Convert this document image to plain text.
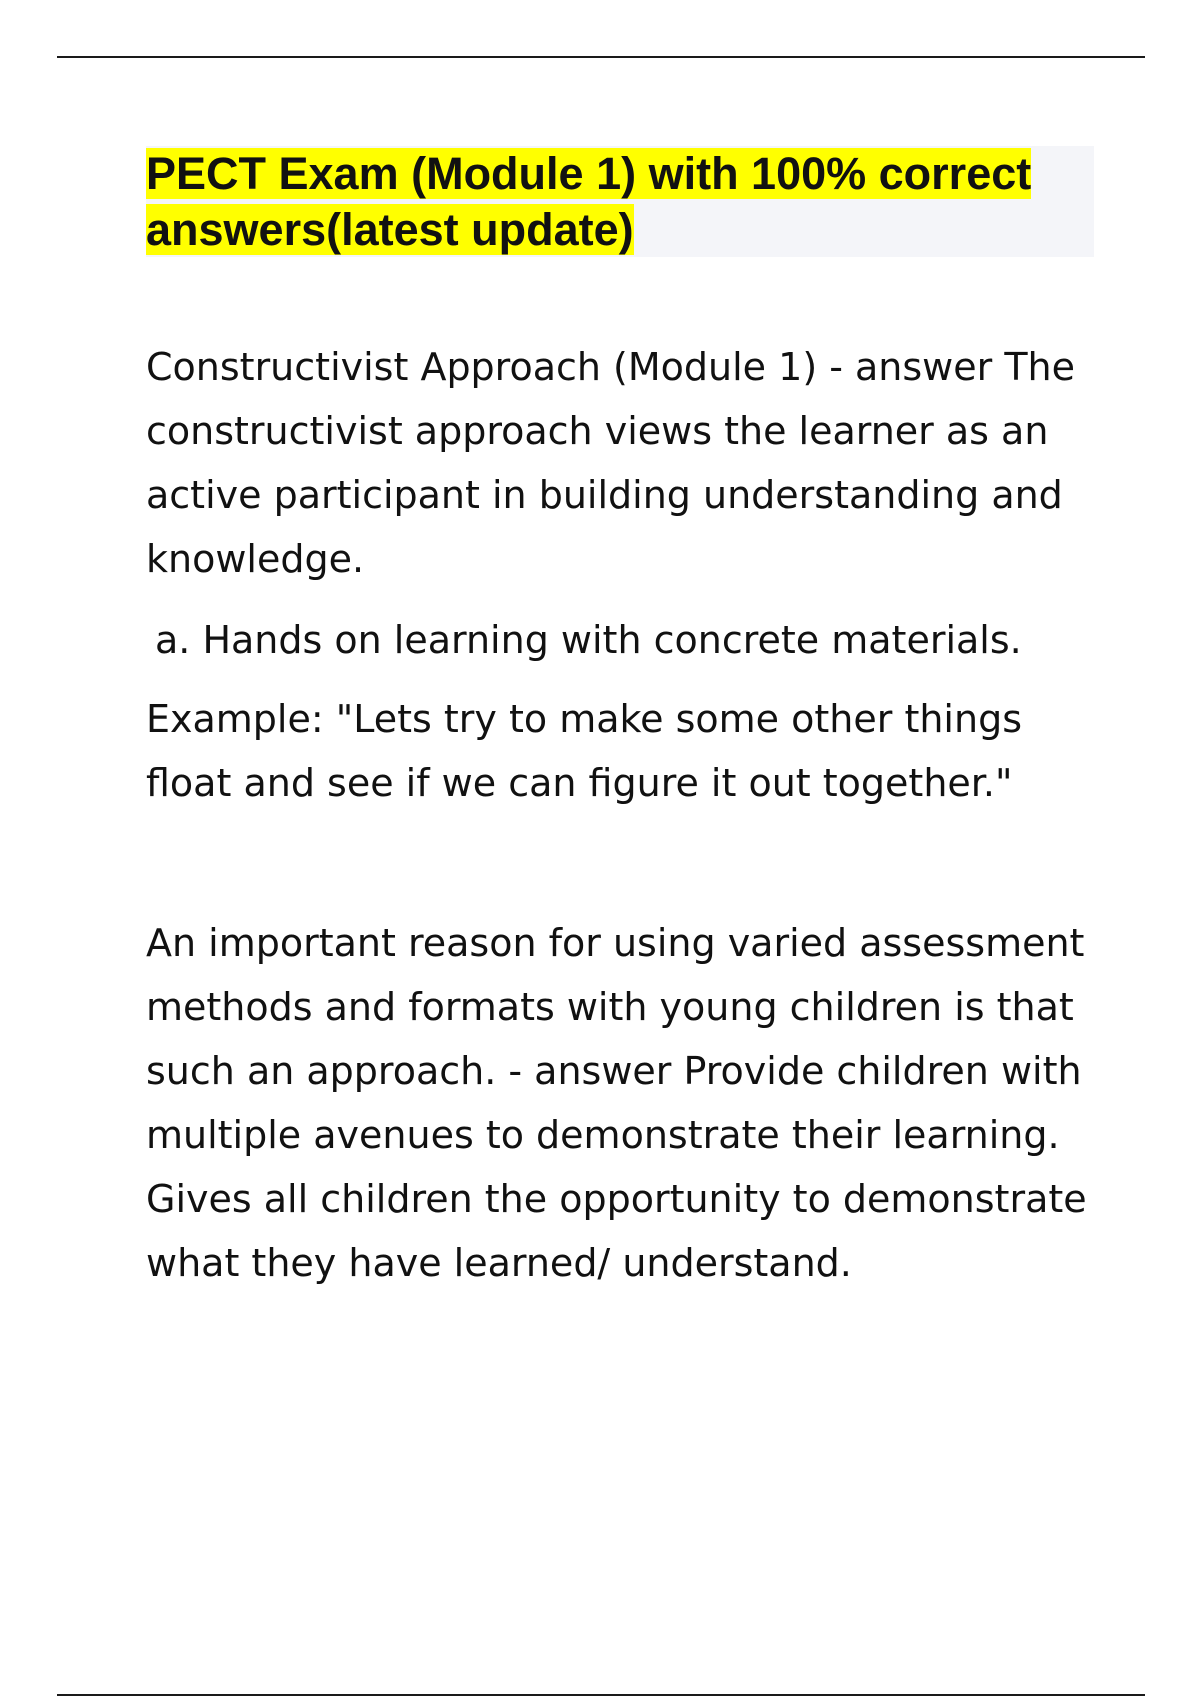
PECT Exam (Module 1) with 100% correct answers(latest update)

Constructivist Approach (Module 1) - answer The constructivist approach views the learner as an active participant in building understanding and knowledge.

a. Hands on learning with concrete materials.

Example: "Lets try to make some other things float and see if we can figure it out together."

An important reason for using varied assessment methods and formats with young children is that such an approach. - answer Provide children with multiple avenues to demonstrate their learning. Gives all children the opportunity to demonstrate what they have learned/ understand.
